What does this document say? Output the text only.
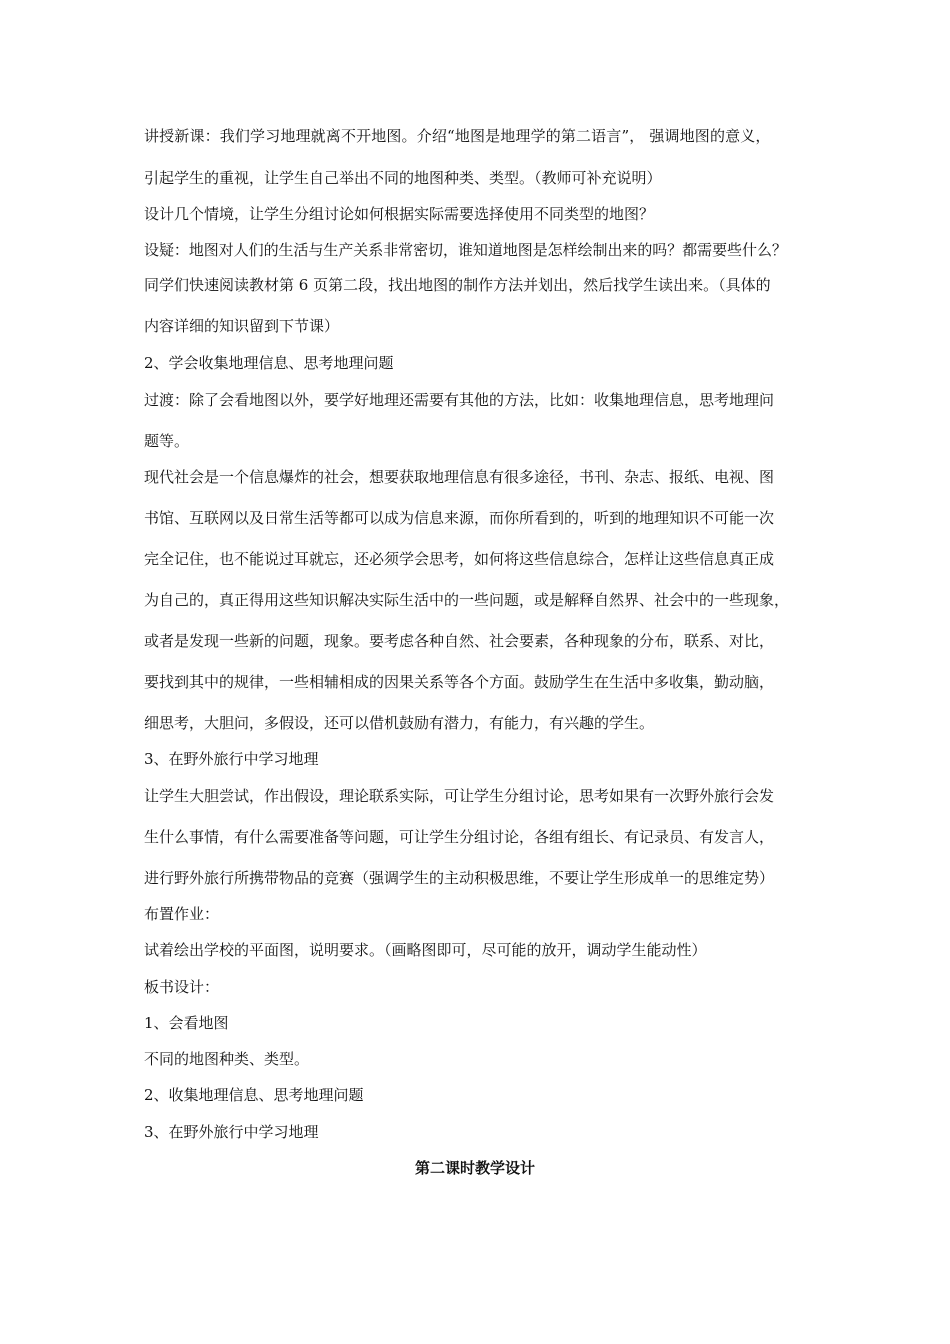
讲授新课：我们学习地理就离不开地图。介绍“地图是地理学的第二语言”， 强调地图的意义，
引起学生的重视，让学生自己举出不同的地图种类、类型。（教师可补充说明）
设计几个情境，让学生分组讨论如何根据实际需要选择使用不同类型的地图？
设疑：地图对人们的生活与生产关系非常密切，谁知道地图是怎样绘制出来的吗？都需要些什么？
同学们快速阅读教材第 6 页第二段，找出地图的制作方法并划出，然后找学生读出来。（具体的
内容详细的知识留到下节课）
2、学会收集地理信息、思考地理问题
过渡：除了会看地图以外，要学好地理还需要有其他的方法，比如：收集地理信息，思考地理问
题等。
现代社会是一个信息爆炸的社会，想要获取地理信息有很多途径，书刊、杂志、报纸、电视、图
书馆、互联网以及日常生活等都可以成为信息来源，而你所看到的，听到的地理知识不可能一次
完全记住，也不能说过耳就忘，还必须学会思考，如何将这些信息综合，怎样让这些信息真正成
为自己的，真正得用这些知识解决实际生活中的一些问题，或是解释自然界、社会中的一些现象，
或者是发现一些新的问题，现象。要考虑各种自然、社会要素，各种现象的分布，联系、对比，
要找到其中的规律，一些相辅相成的因果关系等各个方面。鼓励学生在生活中多收集，勤动脑，
细思考，大胆问，多假设，还可以借机鼓励有潜力，有能力，有兴趣的学生。
3、在野外旅行中学习地理
让学生大胆尝试，作出假设，理论联系实际，可让学生分组讨论，思考如果有一次野外旅行会发
生什么事情，有什么需要准备等问题，可让学生分组讨论，各组有组长、有记录员、有发言人，
进行野外旅行所携带物品的竞赛（强调学生的主动积极思维，不要让学生形成单一的思维定势）
布置作业：
试着绘出学校的平面图，说明要求。（画略图即可，尽可能的放开，调动学生能动性）
板书设计：
1、会看地图
不同的地图种类、类型。
2、收集地理信息、思考地理问题
3、在野外旅行中学习地理
第二课时教学设计
